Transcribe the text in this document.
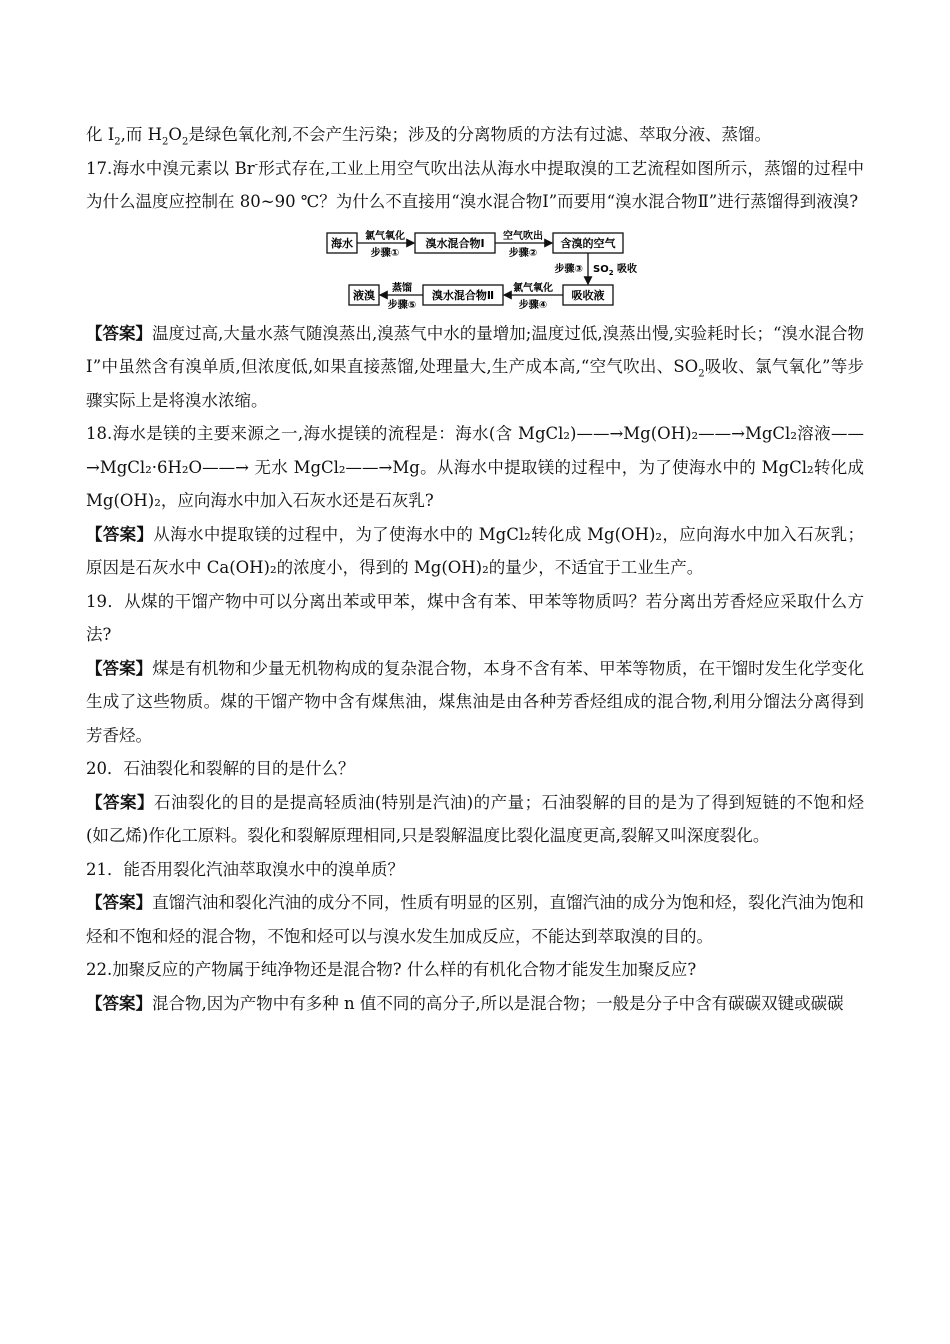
化 $I_2$,而 $H_2O_2$是绿色氧化剂,不会产生污染；涉及的分离物质的方法有过滤、萃取分液、蒸馏。

17.海水中溴元素以 Br-形式存在,工业上用空气吹出法从海水中提取溴的工艺流程如图所示，蒸馏的过程中为什么温度应控制在 80~90 ℃？为什么不直接用“溴水混合物Ⅰ”而要用“溴水混合物Ⅱ”进行蒸馏得到液溴?

海水	溴水混合物Ⅰ	含溴的空气
氯气氧化
步骤①
空气吹出
步骤②
步骤③ $SO_2$ 吸收
吸收液
溴水混合物Ⅱ
液溴
氯气氧化
步骤④
蒸馏
步骤⑤

【答案】温度过高,大量水蒸气随溴蒸出,溴蒸气中水的量增加;温度过低,溴蒸出慢,实验耗时长；“溴水混合物Ⅰ”中虽然含有溴单质,但浓度低,如果直接蒸馏,处理量大,生产成本高,“空气吹出、$SO_2$吸收、氯气氧化”等步骤实际上是将溴水浓缩。

18.海水是镁的主要来源之一,海水提镁的流程是：海水(含 MgCl₂)——→Mg(OH)₂——→MgCl₂溶液——→MgCl₂·6H₂O——→ 无水 MgCl₂——→Mg。从海水中提取镁的过程中，为了使海水中的 MgCl₂转化成Mg(OH)₂，应向海水中加入石灰水还是石灰乳?

【答案】从海水中提取镁的过程中，为了使海水中的 MgCl₂转化成 Mg(OH)₂，应向海水中加入石灰乳；原因是石灰水中 Ca(OH)₂的浓度小，得到的 Mg(OH)₂的量少，不适宜于工业生产。

19．从煤的干馏产物中可以分离出苯或甲苯，煤中含有苯、甲苯等物质吗？若分离出芳香烃应采取什么方法?

【答案】煤是有机物和少量无机物构成的复杂混合物，本身不含有苯、甲苯等物质，在干馏时发生化学变化生成了这些物质。煤的干馏产物中含有煤焦油，煤焦油是由各种芳香烃组成的混合物,利用分馏法分离得到芳香烃。

20．石油裂化和裂解的目的是什么？

【答案】石油裂化的目的是提高轻质油(特别是汽油)的产量；石油裂解的目的是为了得到短链的不饱和烃(如乙烯)作化工原料。裂化和裂解原理相同,只是裂解温度比裂化温度更高,裂解又叫深度裂化。

21．能否用裂化汽油萃取溴水中的溴单质？

【答案】直馏汽油和裂化汽油的成分不同，性质有明显的区别，直馏汽油的成分为饱和烃，裂化汽油为饱和烃和不饱和烃的混合物，不饱和烃可以与溴水发生加成反应，不能达到萃取溴的目的。

22.加聚反应的产物属于纯净物还是混合物? 什么样的有机化合物才能发生加聚反应?

【答案】混合物,因为产物中有多种 n 值不同的高分子,所以是混合物；一般是分子中含有碳碳双键或碳碳
